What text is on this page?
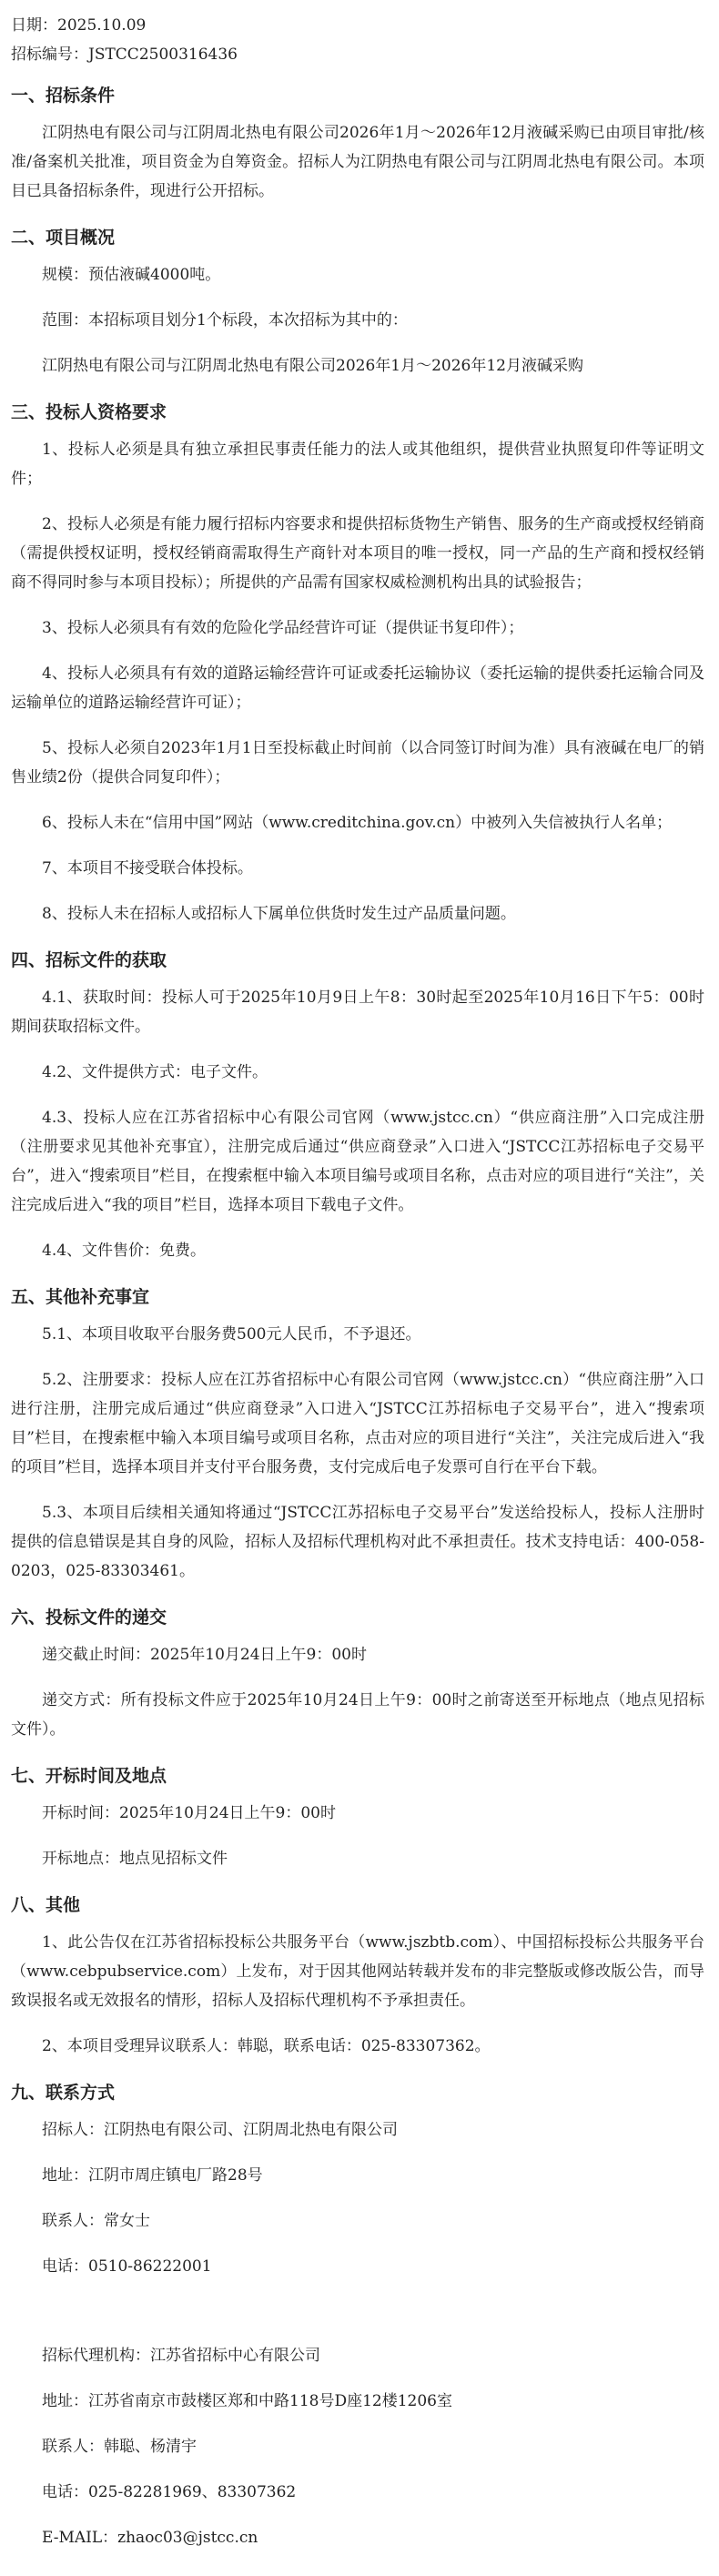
日期：2025.10.09
招标编号：JSTCC2500316436
一、招标条件
江阴热电有限公司与江阴周北热电有限公司2026年1月～2026年12月液碱采购已由项目审批/核准/备案机关批准，项目资金为自筹资金。招标人为江阴热电有限公司与江阴周北热电有限公司。本项目已具备招标条件，现进行公开招标。
二、项目概况
规模：预估液碱4000吨。
范围：本招标项目划分1个标段，本次招标为其中的：
江阴热电有限公司与江阴周北热电有限公司2026年1月～2026年12月液碱采购
三、投标人资格要求
1、投标人必须是具有独立承担民事责任能力的法人或其他组织，提供营业执照复印件等证明文件；
2、投标人必须是有能力履行招标内容要求和提供招标货物生产销售、服务的生产商或授权经销商（需提供授权证明，授权经销商需取得生产商针对本项目的唯一授权，同一产品的生产商和授权经销商不得同时参与本项目投标）；所提供的产品需有国家权威检测机构出具的试验报告；
3、投标人必须具有有效的危险化学品经营许可证（提供证书复印件）；
4、投标人必须具有有效的道路运输经营许可证或委托运输协议（委托运输的提供委托运输合同及运输单位的道路运输经营许可证）；
5、投标人必须自2023年1月1日至投标截止时间前（以合同签订时间为准）具有液碱在电厂的销售业绩2份（提供合同复印件）；
6、投标人未在“信用中国”网站（www.creditchina.gov.cn）中被列入失信被执行人名单；
7、本项目不接受联合体投标。
8、投标人未在招标人或招标人下属单位供货时发生过产品质量问题。
四、招标文件的获取
4.1、获取时间：投标人可于2025年10月9日上午8：30时起至2025年10月16日下午5：00时期间获取招标文件。
4.2、文件提供方式：电子文件。
4.3、投标人应在江苏省招标中心有限公司官网（www.jstcc.cn）“供应商注册”入口完成注册（注册要求见其他补充事宜），注册完成后通过“供应商登录”入口进入“JSTCC江苏招标电子交易平台”，进入“搜索项目”栏目，在搜索框中输入本项目编号或项目名称，点击对应的项目进行“关注”，关注完成后进入“我的项目”栏目，选择本项目下载电子文件。
4.4、文件售价：免费。
五、其他补充事宜
5.1、本项目收取平台服务费500元人民币，不予退还。
5.2、注册要求：投标人应在江苏省招标中心有限公司官网（www.jstcc.cn）“供应商注册”入口进行注册，注册完成后通过“供应商登录”入口进入“JSTCC江苏招标电子交易平台”，进入“搜索项目”栏目，在搜索框中输入本项目编号或项目名称，点击对应的项目进行“关注”，关注完成后进入“我的项目”栏目，选择本项目并支付平台服务费，支付完成后电子发票可自行在平台下载。
5.3、本项目后续相关通知将通过“JSTCC江苏招标电子交易平台”发送给投标人，投标人注册时提供的信息错误是其自身的风险，招标人及招标代理机构对此不承担责任。技术支持电话：400-058-0203，025-83303461。
六、投标文件的递交
递交截止时间：2025年10月24日上午9：00时
递交方式：所有投标文件应于2025年10月24日上午9：00时之前寄送至开标地点（地点见招标文件）。
七、开标时间及地点
开标时间：2025年10月24日上午9：00时
开标地点：地点见招标文件
八、其他
1、此公告仅在江苏省招标投标公共服务平台（www.jszbtb.com）、中国招标投标公共服务平台（www.cebpubservice.com）上发布，对于因其他网站转载并发布的非完整版或修改版公告，而导致误报名或无效报名的情形，招标人及招标代理机构不予承担责任。
2、本项目受理异议联系人：韩聪，联系电话：025-83307362。
九、联系方式
招标人：江阴热电有限公司、江阴周北热电有限公司
地址：江阴市周庄镇电厂路28号
联系人：常女士
电话：0510-86222001
招标代理机构：江苏省招标中心有限公司
地址：江苏省南京市鼓楼区郑和中路118号D座12楼1206室
联系人：韩聪、杨清宇
电话：025-82281969、83307362
E-MAIL：zhaoc03@jstcc.cn
